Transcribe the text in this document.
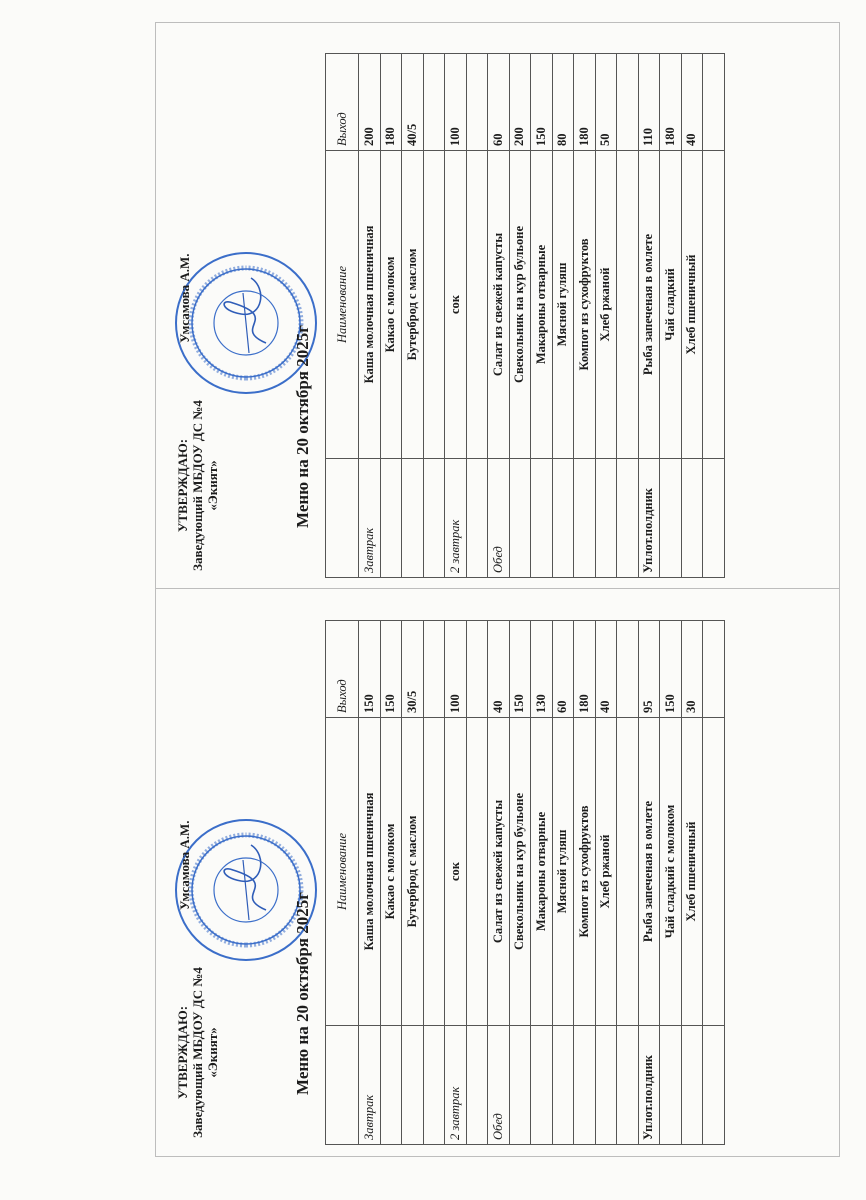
УТВЕРЖДАЮ: Заведующий МБДОУ ДС №4 «Экият»
Умсамова А.М.
Меню на 20 октября 2025г
	Наименование	Выход
Завтрак	Каша молочная пшеничная	150
	Какао с молоком	150
	Бутерброд с маслом	30/5

2 завтрак	сок	100

Обед	Салат из свежей капусты	40
	Свекольник на кур бульоне	150
	Макароны отварные	130
	Мясной гуляш	60
	Компот из сухофруктов	180
	Хлеб ржаной	40

Уплот.полдник	Рыба запеченая в омлете	95
	Чай сладкий с молоком	150
	Хлеб пшеничный	30

УТВЕРЖДАЮ: Заведующий МБДОУ ДС №4 «Экият»
Умсамова А.М.
Меню на 20 октября 2025г
	Наименование	Выход
Завтрак	Каша молочная пшеничная	200
	Какао с молоком	180
	Бутерброд с маслом	40/5

2 завтрак	сок	100

Обед	Салат из свежей капусты	60
	Свекольник на кур бульоне	200
	Макароны отварные	150
	Мясной гуляш	80
	Компот из сухофруктов	180
	Хлеб ржаной	50

Уплот.полдник	Рыба запеченая в омлете	110
	Чай сладкий	180
	Хлеб пшеничный	40
